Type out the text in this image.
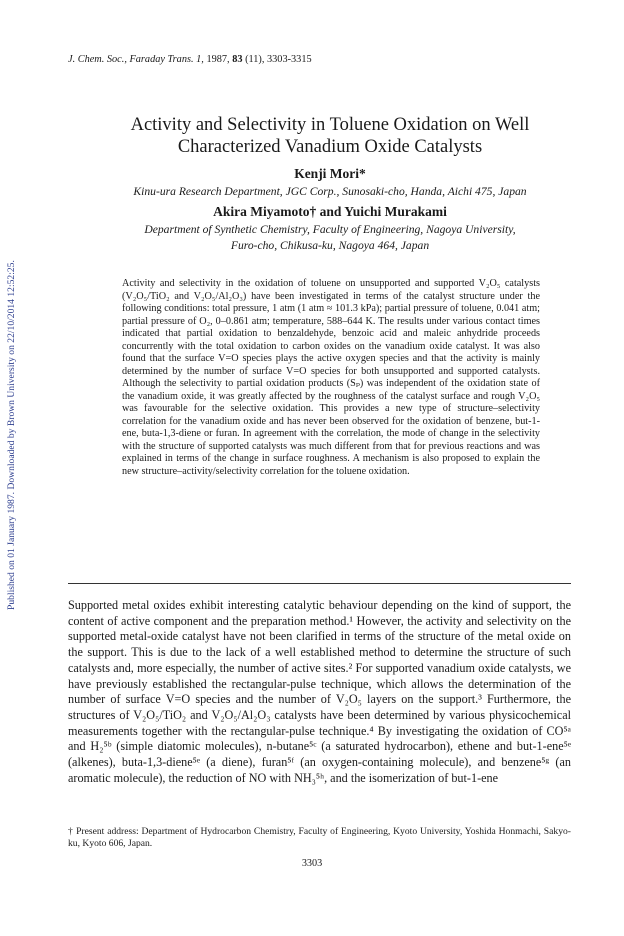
J. Chem. Soc., Faraday Trans. 1, 1987, 83 (11), 3303-3315
Published on 01 January 1987. Downloaded by Brown University on 22/10/2014 12:52:25.
Activity and Selectivity in Toluene Oxidation on Well
Characterized Vanadium Oxide Catalysts
Kenji Mori*
Kinu-ura Research Department, JGC Corp., Sunosaki-cho, Handa, Aichi 475, Japan
Akira Miyamoto† and Yuichi Murakami
Department of Synthetic Chemistry, Faculty of Engineering, Nagoya University,
Furo-cho, Chikusa-ku, Nagoya 464, Japan

Activity and selectivity in the oxidation of toluene on unsupported and supported V₂O₅ catalysts (V₂O₅/TiO₂ and V₂O₅/Al₂O₃) have been investigated in terms of the catalyst structure under the following conditions: total pressure, 1 atm (1 atm ≈ 101.3 kPa); partial pressure of toluene, 0.041 atm; partial pressure of O₂, 0–0.861 atm; temperature, 588–644 K. The results under various contact times indicated that partial oxidation to benzaldehyde, benzoic acid and maleic anhydride proceeds concurrently with the total oxidation to carbon oxides on the vanadium oxide catalyst. It was also found that the surface V=O species plays the active oxygen species and that the activity is mainly determined by the number of surface V=O species for both unsupported and supported catalysts. Although the selectivity to partial oxidation products (Sₚ) was independent of the oxidation state of the vanadium oxide, it was greatly affected by the roughness of the catalyst surface and rough V₂O₅ was favourable for the selective oxidation. This provides a new type of structure–selectivity correlation for the vanadium oxide and has never been observed for the oxidation of benzene, but-1-ene, buta-1,3-diene or furan. In agreement with the correlation, the mode of change in the selectivity with the structure of supported catalysts was much different from that for previous reactions and was explained in terms of the change in surface roughness. A mechanism is also proposed to explain the new structure–activity/selectivity correlation for the toluene oxidation.

Supported metal oxides exhibit interesting catalytic behaviour depending on the kind of support, the content of active component and the preparation method.¹ However, the activity and selectivity on the supported metal-oxide catalyst have not been clarified in terms of the structure of the metal oxide on the support. This is due to the lack of a well established method to determine the structure of such catalysts and, more especially, the number of active sites.² For supported vanadium oxide catalysts, we have previously established the rectangular-pulse technique, which allows the determination of the number of surface V=O species and the number of V₂O₅ layers on the support.³ Furthermore, the structures of V₂O₅/TiO₂ and V₂O₅/Al₂O₃ catalysts have been determined by various physicochemical measurements together with the rectangular-pulse technique.⁴ By investigating the oxidation of CO⁵ᵃ and H₂⁵ᵇ (simple diatomic molecules), n-butane⁵ᶜ (a saturated hydrocarbon), ethene and but-1-ene⁵ᵉ (alkenes), buta-1,3-diene⁵ᵉ (a diene), furan⁵ᶠ (an oxygen-containing molecule), and benzene⁵ᵍ (an aromatic molecule), the reduction of NO with NH₃⁵ʰ, and the isomerization of but-1-ene

† Present address: Department of Hydrocarbon Chemistry, Faculty of Engineering, Kyoto University, Yoshida Honmachi, Sakyo-ku, Kyoto 606, Japan.
3303
